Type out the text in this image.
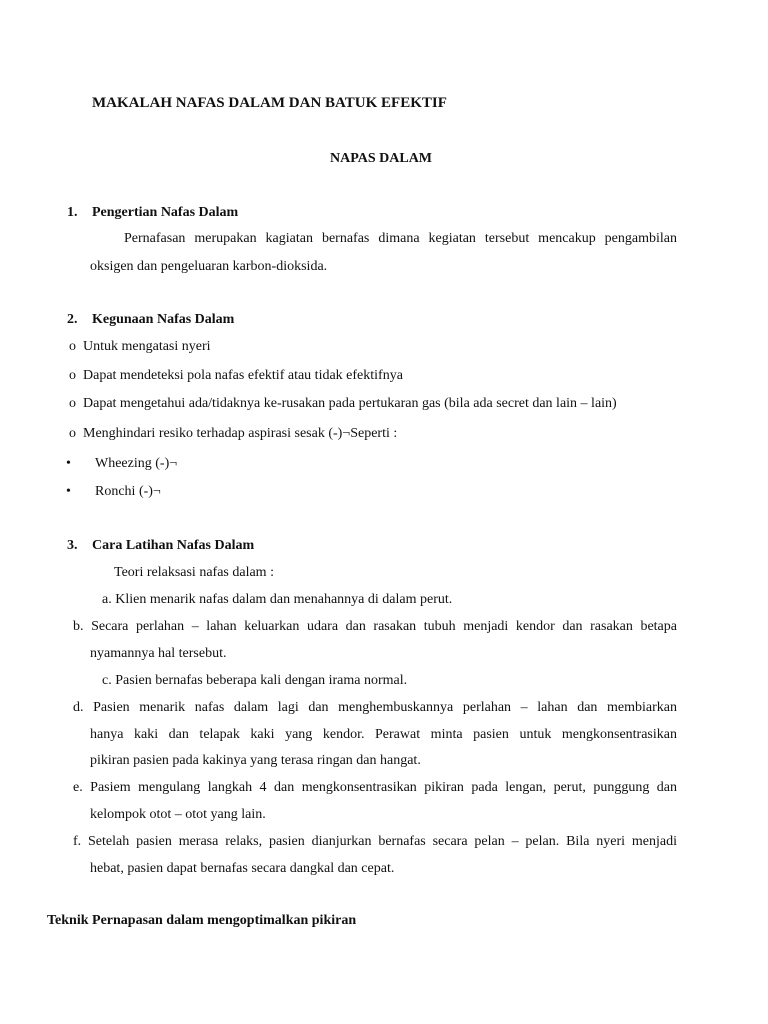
MAKALAH NAFAS DALAM DAN BATUK EFEKTIF
NAPAS DALAM
1. Pengertian Nafas Dalam
Pernafasan merupakan kagiatan bernafas dimana kegiatan tersebut mencakup pengambilan
oksigen dan pengeluaran karbon-dioksida.
2. Kegunaan Nafas Dalam
o Untuk mengatasi nyeri
o Dapat mendeteksi pola nafas efektif atau tidak efektifnya
o Dapat mengetahui ada/tidaknya ke-rusakan pada pertukaran gas (bila ada secret dan lain – lain)
o Menghindari resiko terhadap aspirasi sesak (-)¬Seperti :
• Wheezing (-)¬
• Ronchi (-)¬
3. Cara Latihan Nafas Dalam
Teori relaksasi nafas dalam :
a. Klien menarik nafas dalam dan menahannya di dalam perut.
b. Secara perlahan – lahan keluarkan udara dan rasakan tubuh menjadi kendor dan rasakan betapa
nyamannya hal tersebut.
c. Pasien bernafas beberapa kali dengan irama normal.
d. Pasien menarik nafas dalam lagi dan menghembuskannya perlahan – lahan dan membiarkan
hanya kaki dan telapak kaki yang kendor. Perawat minta pasien untuk mengkonsentrasikan
pikiran pasien pada kakinya yang terasa ringan dan hangat.
e. Pasiem mengulang langkah 4 dan mengkonsentrasikan pikiran pada lengan, perut, punggung dan
kelompok otot – otot yang lain.
f. Setelah pasien merasa relaks, pasien dianjurkan bernafas secara pelan – pelan. Bila nyeri menjadi
hebat, pasien dapat bernafas secara dangkal dan cepat.
Teknik Pernapasan dalam mengoptimalkan pikiran
